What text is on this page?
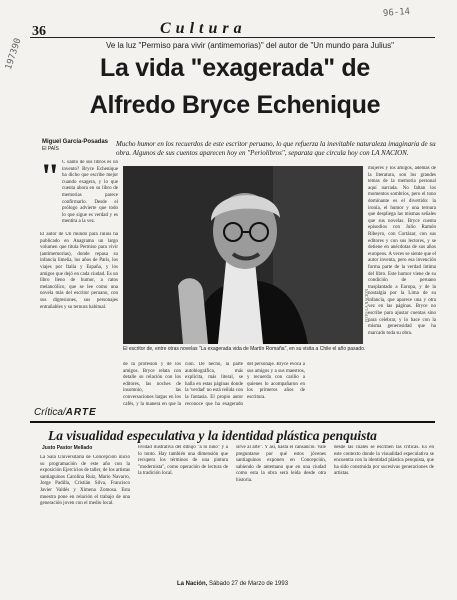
36	Cultura
96-14
197390	Ve la luz "Permiso para vivir (antimemorias)" del autor de "Un mundo para Julius"
La vida "exagerada" de
Alfredo Bryce Echenique
Miguel García-Posadas
El PAÍS
Mucho humor en los recuerdos de este escritor peruano, lo que refuerza la inevitable naturaleza imaginaria de su obra. Algunos de sus cuentos aparecen hoy en "Periolibros", separata que circula hoy con LA NACION.
" C uánto de sus libros es un invento? Bryce Echenique ha dicho que escribe mejor cuando exagera, y lo que cuenta ahora en su libro de memorias parece confirmarlo. Desde el prólogo advierte que todo lo que sigue es verdad y es mentira a la vez.
El autor de Un mundo para Julius ha publicado en Anagrama un largo volumen que titula Permiso para vivir (antimemorias), donde repasa su infancia limeña, los años de París, los viajes por Italia y España, y los amigos que dejó en cada ciudad. Es un libro lleno de humor, a ratos melancólico, que se lee como una novela más del escritor peruano, con sus digresiones, sus personajes entrañables y su ternura habitual.	FOTO LA NACION
El escritor de, entre otras novelas "La exagerada vida de Martín Romaña", en su visita a Chile el año pasado.
de la profesión y de los amigos. Bryce relata con detalle su relación con los editores, las noches de insomnio, las conversaciones largas en los cafés, y la manera en que la
ción. De hecho, la parte autobiográfica, más explícita, más literal, se halla en estas páginas donde la 'verdad' no está reñida con la fantasía. El propio autor reconoce que ha exagerado
del personaje. Bryce evoca a sus amigos y a sus maestros, y recuerda con cariño a quienes lo acompañaron en los primeros años de escritura.
mujeres y los amigos, además de la literatura, son los grandes temas de la memoria personal aquí narrada. No faltan los momentos sombríos, pero el tono dominante es el divertido: la ironía, el humor y una ternura que despliega las mismas señales que sus novelas. Bryce cuenta episodios con Julio Ramón Ribeyro, con Cortázar, con sus editores y con sus lectores, y se detiene en anécdotas de sus años europeos. A veces se siente que el autor inventa, pero esa invención forma parte de la verdad íntima del libro. Este humor viene de su condición de peruano trasplantado a Europa, y de la nostalgia por la Lima de su infancia, que aparece una y otra vez en las páginas. Bryce no escribe para ajustar cuentas sino para celebrar, y lo hace con la misma generosidad que ha marcado toda su obra.
Crítica/ARTE
La visualidad especulativa y la identidad plástica penquista
Justo Pastor Mellado
La Sala Universitaria de Concepción inició su programación de este año con la exposición Ejercicios de taller, de los artistas santiaguinos Carolina Ruiz, Mario Navarro, Jorge Padilla, Cristián Silva, Francisco Javier Valdés y Ximena Zomosa. Esta muestra pone en relación el trabajo de una generación joven con el medio local.
lividad ilustrativa del dibujo "a lo niño" y a lo tonto. Hay también una dimensión que recupera los términos de una pintura "modernista", como operación de lectura de la tradición local.
sirve al arte". Y así, hasta el cansancio. Vale preguntarse por qué estos jóvenes santiaguinos exponen en Concepción, sabiendo de antemano que en una ciudad como esta la obra será leída desde otra historia.
desde las cuales se escriben las críticas. Es en este contexto donde la visualidad especulativa se encuentra con la identidad plástica penquista, que ha sido construida por sucesivas generaciones de artistas.
La Nación, Sábado 27 de Marzo de 1993
